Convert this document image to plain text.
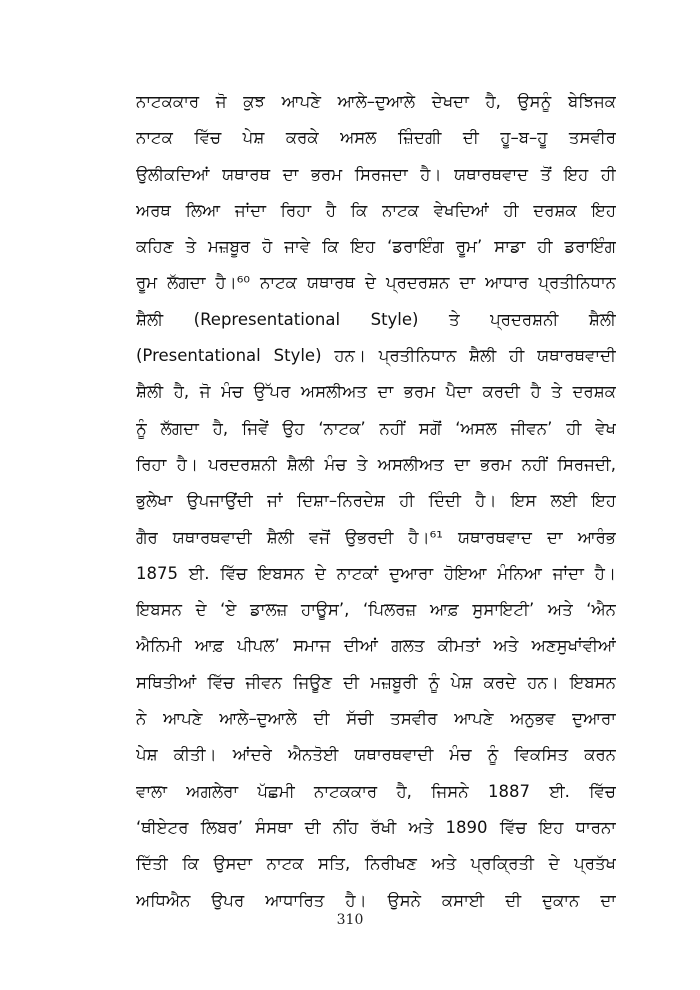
ਨਾਟਕਕਾਰ ਜੋ ਕੁਝ ਆਪਣੇ ਆਲੇ–ਦੁਆਲੇ ਦੇਖਦਾ ਹੈ, ਉਸਨੂੰ ਬੇਝਿਜਕ
ਨਾਟਕ ਵਿੱਚ ਪੇਸ਼ ਕਰਕੇ ਅਸਲ ਜ਼ਿੰਦਗੀ ਦੀ ਹੂ–ਬ–ਹੂ ਤਸਵੀਰ
ਉਲੀਕਦਿਆਂ ਯਥਾਰਥ ਦਾ ਭਰਮ ਸਿਰਜਦਾ ਹੈ। ਯਥਾਰਥਵਾਦ ਤੋਂ ਇਹ ਹੀ
ਅਰਥ ਲਿਆ ਜਾਂਦਾ ਰਿਹਾ ਹੈ ਕਿ ਨਾਟਕ ਵੇਖਦਿਆਂ ਹੀ ਦਰਸ਼ਕ ਇਹ
ਕਹਿਣ ਤੇ ਮਜ਼ਬੂਰ ਹੋ ਜਾਵੇ ਕਿ ਇਹ ‘ਡਰਾਇੰਗ ਰੂਮ’ ਸਾਡਾ ਹੀ ਡਰਾਇੰਗ
ਰੂਮ ਲੱਗਦਾ ਹੈ।⁶⁰ ਨਾਟਕ ਯਥਾਰਥ ਦੇ ਪ੍ਰਦਰਸ਼ਨ ਦਾ ਆਧਾਰ ਪ੍ਰਤੀਨਿਧਾਨ
ਸ਼ੈਲੀ (Representational Style) ਤੇ ਪ੍ਰਦਰਸ਼ਨੀ ਸ਼ੈਲੀ
(Presentational Style) ਹਨ। ਪ੍ਰਤੀਨਿਧਾਨ ਸ਼ੈਲੀ ਹੀ ਯਥਾਰਥਵਾਦੀ
ਸ਼ੈਲੀ ਹੈ, ਜੋ ਮੰਚ ਉੱਪਰ ਅਸਲੀਅਤ ਦਾ ਭਰਮ ਪੈਦਾ ਕਰਦੀ ਹੈ ਤੇ ਦਰਸ਼ਕ
ਨੂੰ ਲੱਗਦਾ ਹੈ, ਜਿਵੇਂ ਉਹ ‘ਨਾਟਕ’ ਨਹੀਂ ਸਗੋਂ ‘ਅਸਲ ਜੀਵਨ’ ਹੀ ਵੇਖ
ਰਿਹਾ ਹੈ। ਪਰਦਰਸ਼ਨੀ ਸ਼ੈਲੀ ਮੰਚ ਤੇ ਅਸਲੀਅਤ ਦਾ ਭਰਮ ਨਹੀਂ ਸਿਰਜਦੀ,
ਭੁਲੇਖਾ ਉਪਜਾਉਂਦੀ ਜਾਂ ਦਿਸ਼ਾ–ਨਿਰਦੇਸ਼ ਹੀ ਦਿੰਦੀ ਹੈ। ਇਸ ਲਈ ਇਹ
ਗੈਰ ਯਥਾਰਥਵਾਦੀ ਸ਼ੈਲੀ ਵਜੋਂ ਉਭਰਦੀ ਹੈ।⁶¹ ਯਥਾਰਥਵਾਦ ਦਾ ਆਰੰਭ
1875 ਈ. ਵਿੱਚ ਇਬਸਨ ਦੇ ਨਾਟਕਾਂ ਦੁਆਰਾ ਹੋਇਆ ਮੰਨਿਆ ਜਾਂਦਾ ਹੈ।
ਇਬਸਨ ਦੇ ‘ਏ ਡਾਲਜ਼ ਹਾਊਸ’, ‘ਪਿਲਰਜ਼ ਆਫ਼ ਸੁਸਾਇਟੀ’ ਅਤੇ ‘ਐਨ
ਐਨਿਮੀ ਆਫ਼ ਪੀਪਲ’ ਸਮਾਜ ਦੀਆਂ ਗਲਤ ਕੀਮਤਾਂ ਅਤੇ ਅਣਸੁਖਾਂਵੀਆਂ
ਸਥਿਤੀਆਂ ਵਿੱਚ ਜੀਵਨ ਜਿਊਣ ਦੀ ਮਜ਼ਬੂਰੀ ਨੂੰ ਪੇਸ਼ ਕਰਦੇ ਹਨ। ਇਬਸਨ
ਨੇ ਆਪਣੇ ਆਲੇ–ਦੁਆਲੇ ਦੀ ਸੱਚੀ ਤਸਵੀਰ ਆਪਣੇ ਅਨੁਭਵ ਦੁਆਰਾ
ਪੇਸ਼ ਕੀਤੀ। ਆਂਦਰੇ ਐਨਤੋਈ ਯਥਾਰਥਵਾਦੀ ਮੰਚ ਨੂੰ ਵਿਕਸਿਤ ਕਰਨ
ਵਾਲਾ ਅਗਲੇਰਾ ਪੱਛਮੀ ਨਾਟਕਕਾਰ ਹੈ, ਜਿਸਨੇ 1887 ਈ. ਵਿੱਚ
‘ਥੀਏਟਰ ਲਿਬਰ’ ਸੰਸਥਾ ਦੀ ਨੀਂਹ ਰੱਖੀ ਅਤੇ 1890 ਵਿੱਚ ਇਹ ਧਾਰਨਾ
ਦਿੱਤੀ ਕਿ ਉਸਦਾ ਨਾਟਕ ਸਤਿ, ਨਿਰੀਖਣ ਅਤੇ ਪ੍ਰਕ੍ਰਿਤੀ ਦੇ ਪ੍ਰਤੱਖ
ਅਧਿਐਨ ਉਪਰ ਆਧਾਰਿਤ ਹੈ। ਉਸਨੇ ਕਸਾਈ ਦੀ ਦੁਕਾਨ ਦਾ
310
